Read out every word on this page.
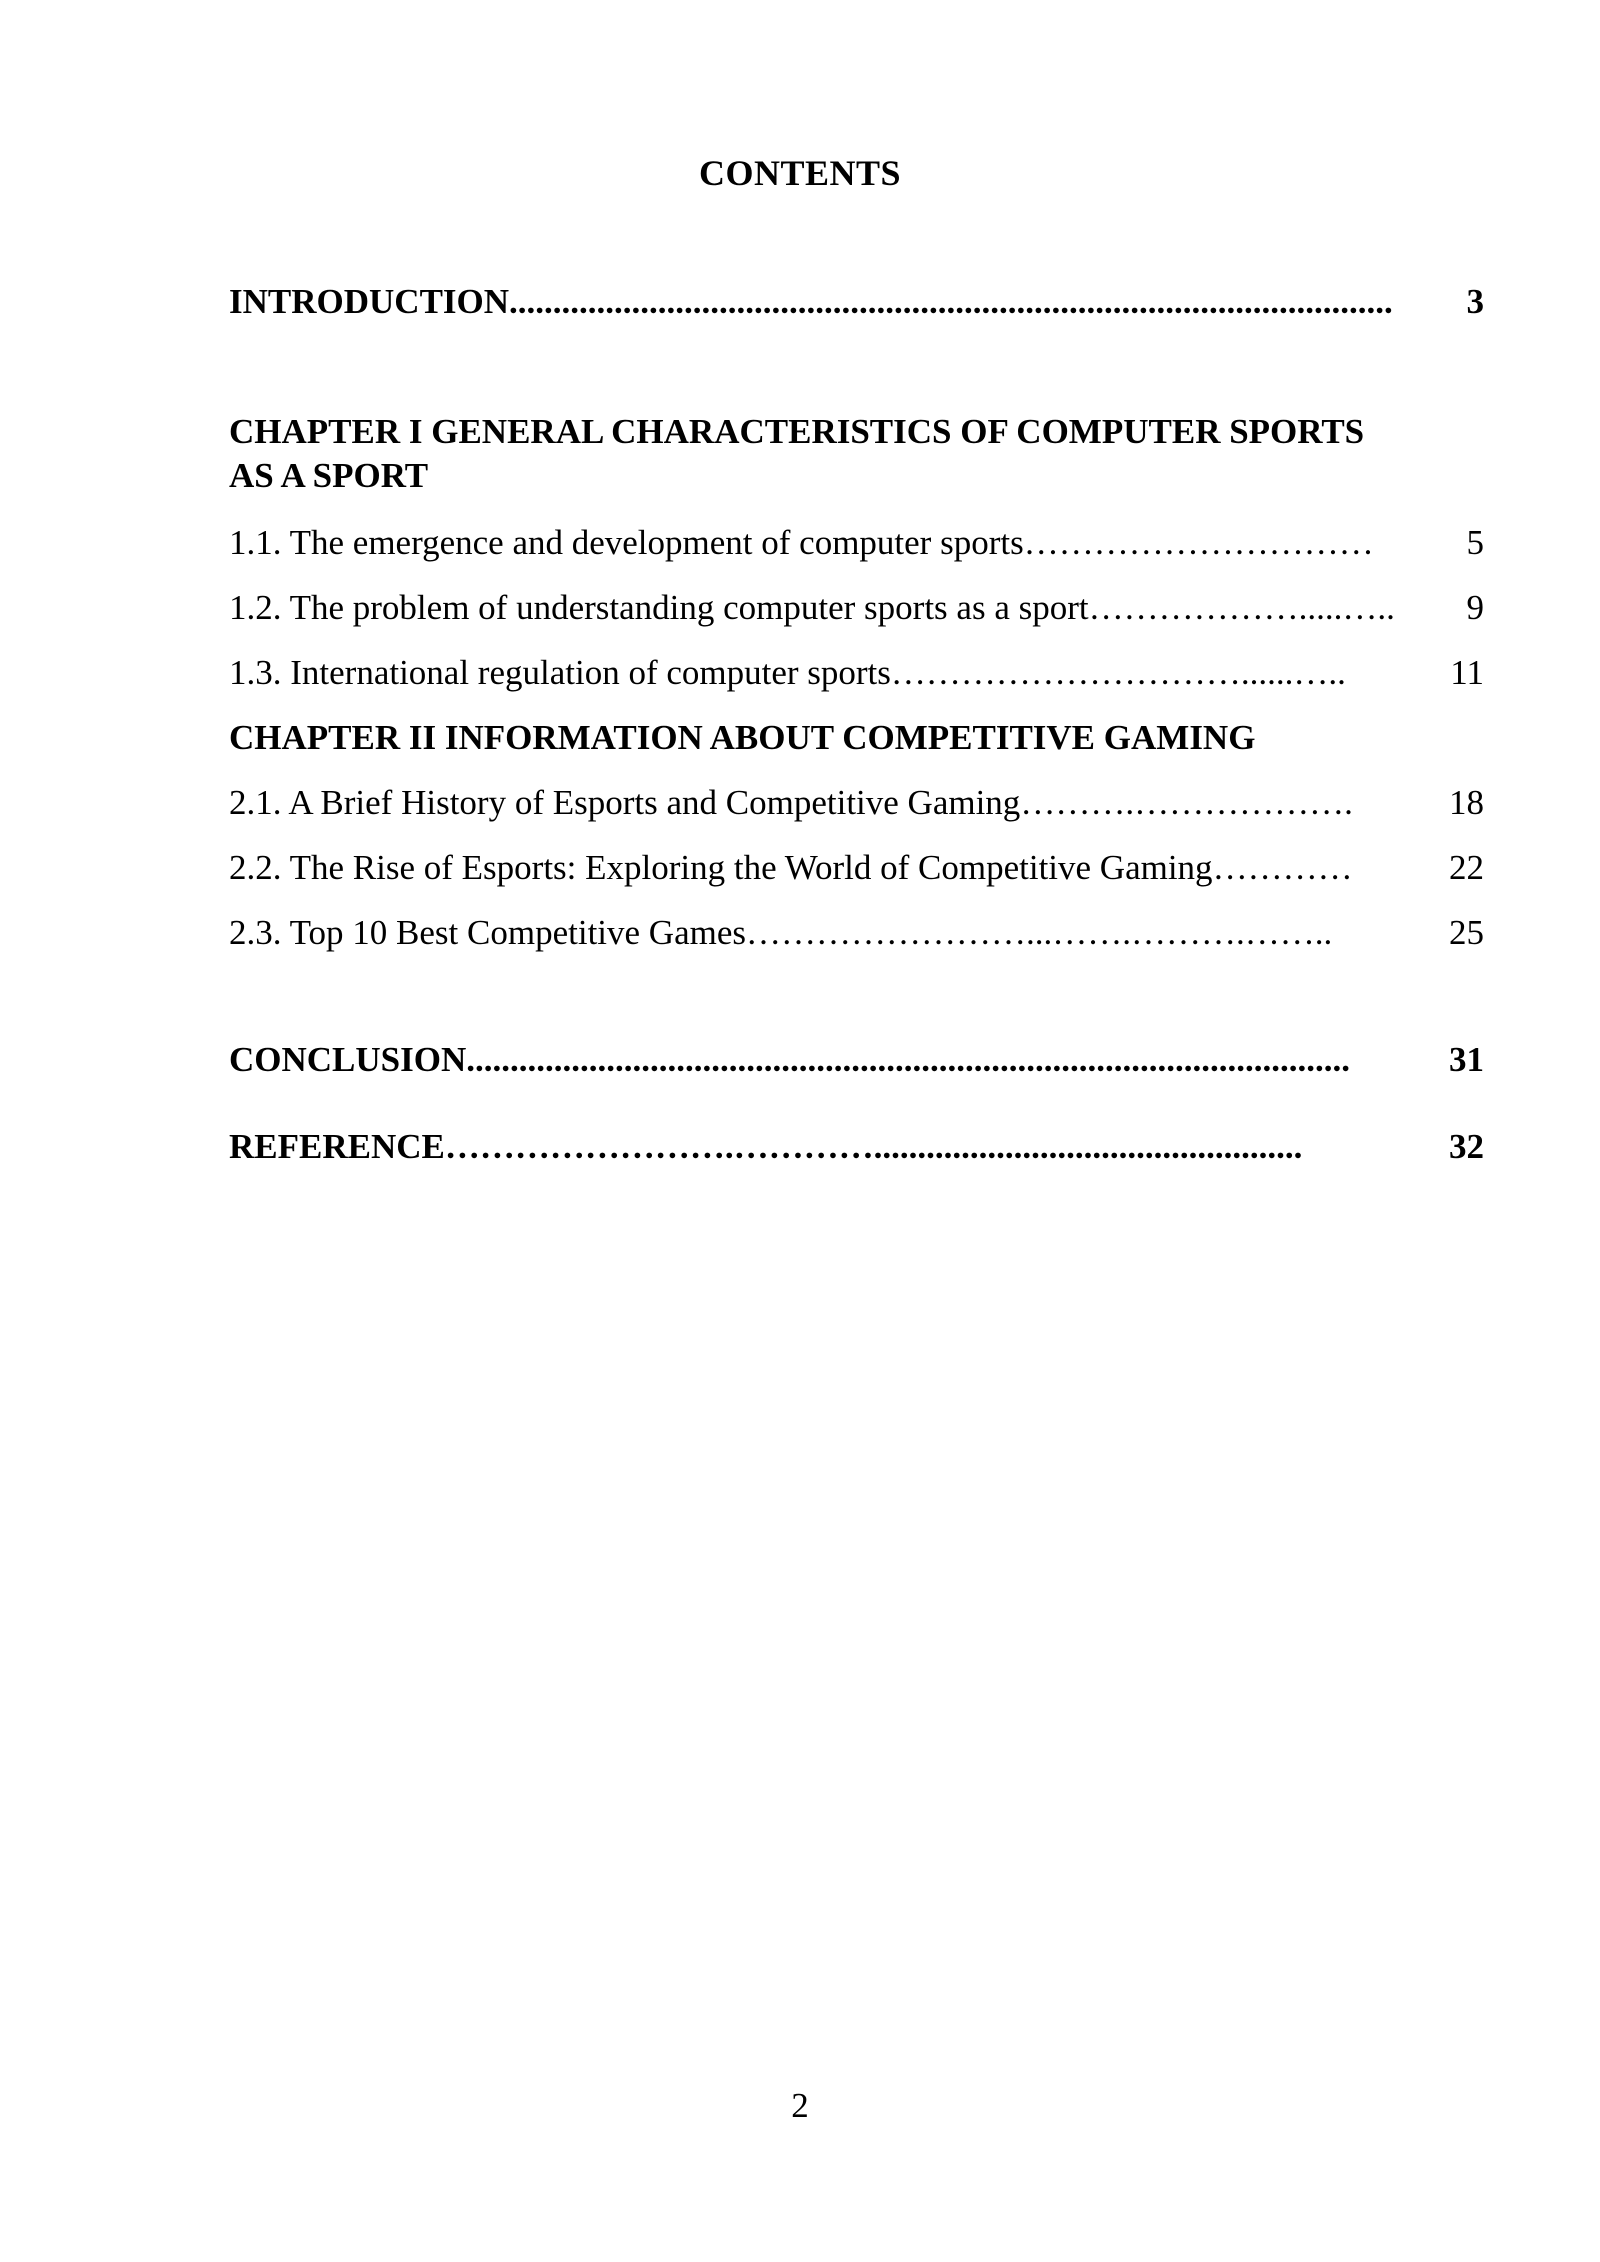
CONTENTS
INTRODUCTION .....................................................................................................	3
CHAPTER I GENERAL CHARACTERISTICS OF COMPUTER SPORTS
AS A SPORT
1.1. The emergence and development of computer sports …………………………	5
1.2. The problem of understanding computer sports as a sport ……………….....…..	9
1.3. International regulation of computer sports …………………………......…..	11
CHAPTER II INFORMATION ABOUT COMPETITIVE GAMING
2.1. A Brief History of Esports and Competitive Gaming ……….……………….	18
2.2. The Rise of Esports: Exploring the World of Competitive Gaming …………	22
2.3. Top 10 Best Competitive Games ……………………...…….……….……..	25
CONCLUSION .....................................................................................................	31
REFERENCE …………………….………….................................................	32
2
